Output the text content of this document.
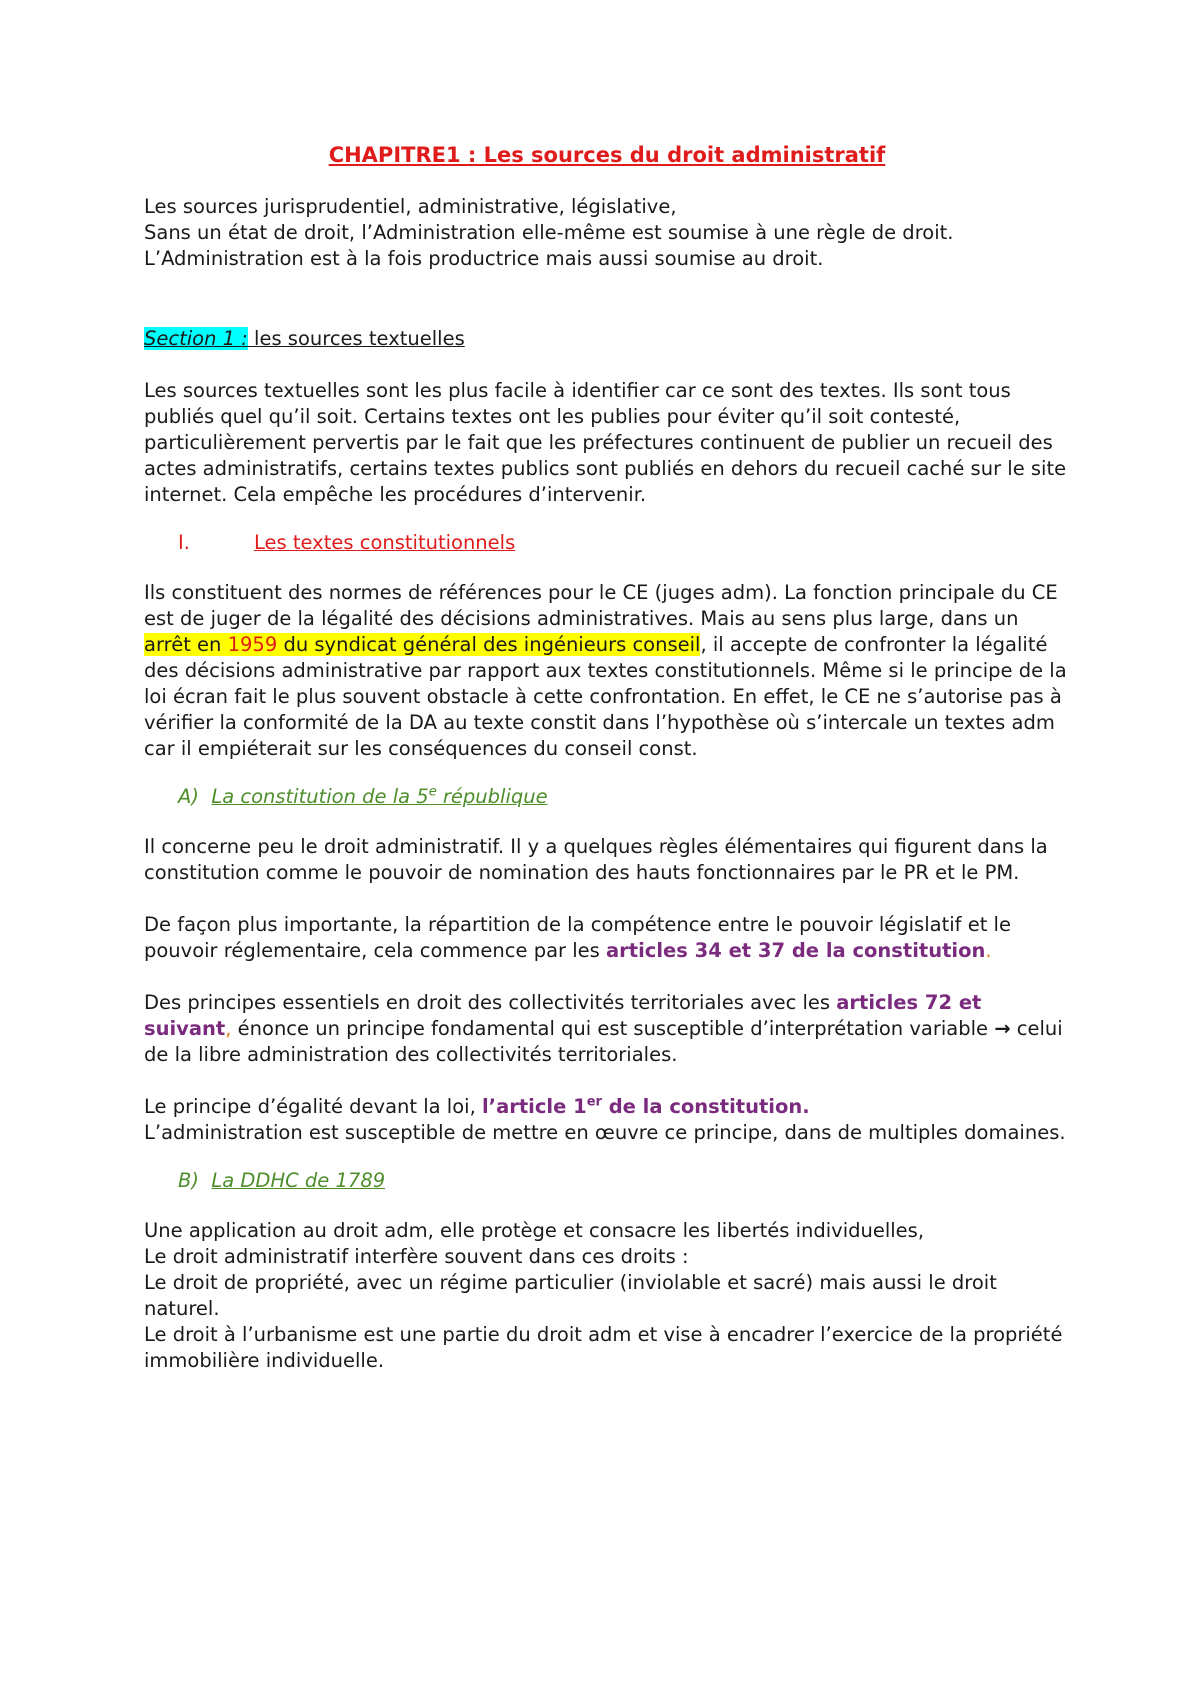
CHAPITRE1 : Les sources du droit administratif

Les sources jurisprudentiel, administrative, législative,

Sans un état de droit, l’Administration elle-même est soumise à une règle de droit. L’Administration est à la fois productrice mais aussi soumise au droit.

Section 1 : les sources textuelles

Les sources textuelles sont les plus facile à identifier car ce sont des textes. Ils sont tous publiés quel qu’il soit. Certains textes ont les publies pour éviter qu’il soit contesté, particulièrement pervertis par le fait que les préfectures continuent de publier un recueil des actes administratifs, certains textes publics sont publiés en dehors du recueil caché sur le site internet. Cela empêche les procédures d’intervenir.

I.	Les textes constitutionnels

Ils constituent des normes de références pour le CE (juges adm). La fonction principale du CE est de juger de la légalité des décisions administratives. Mais au sens plus large, dans un arrêt en 1959 du syndicat général des ingénieurs conseil, il accepte de confronter la légalité des décisions administrative par rapport aux textes constitutionnels. Même si le principe de la loi écran fait le plus souvent obstacle à cette confrontation. En effet, le CE ne s’autorise pas à vérifier la conformité de la DA au texte constit dans l’hypothèse où s’intercale un textes adm car il empiéterait sur les conséquences du conseil const.

A) La constitution de la 5e république

Il concerne peu le droit administratif. Il y a quelques règles élémentaires qui figurent dans la constitution comme le pouvoir de nomination des hauts fonctionnaires par le PR et le PM.

De façon plus importante, la répartition de la compétence entre le pouvoir législatif et le pouvoir réglementaire, cela commence par les articles 34 et 37 de la constitution.

Des principes essentiels en droit des collectivités territoriales avec les articles 72 et suivant, énonce un principe fondamental qui est susceptible d’interprétation variable → celui de la libre administration des collectivités territoriales.

Le principe d’égalité devant la loi, l’article 1er de la constitution.

L’administration est susceptible de mettre en œuvre ce principe, dans de multiples domaines.

B) La DDHC de 1789

Une application au droit adm, elle protège et consacre les libertés individuelles,

Le droit administratif interfère souvent dans ces droits :

Le droit de propriété, avec un régime particulier (inviolable et sacré) mais aussi le droit naturel.

Le droit à l’urbanisme est une partie du droit adm et vise à encadrer l’exercice de la propriété immobilière individuelle.
